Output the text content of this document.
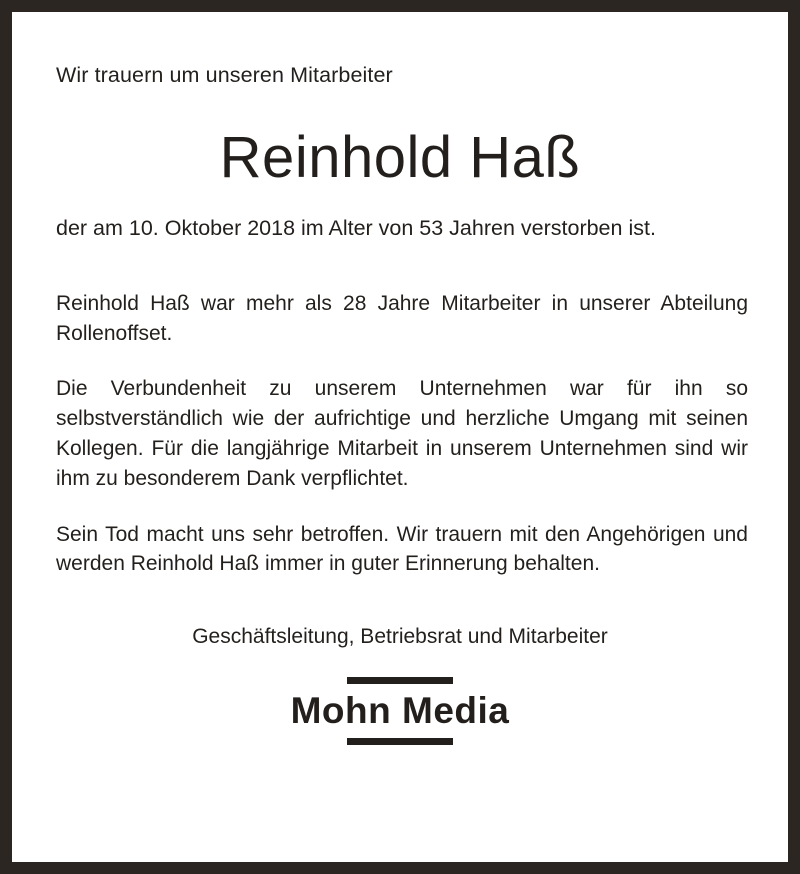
Wir trauern um unseren Mitarbeiter
Reinhold Haß
der am 10. Oktober 2018 im Alter von 53 Jahren verstorben ist.
Reinhold Haß war mehr als 28 Jahre Mitarbeiter in unserer Abteilung Rollenoffset.
Die Verbundenheit zu unserem Unternehmen war für ihn so selbstverständlich wie der aufrichtige und herzliche Umgang mit seinen Kollegen. Für die langjährige Mitarbeit in unserem Unternehmen sind wir ihm zu besonderem Dank verpflichtet.
Sein Tod macht uns sehr betroffen. Wir trauern mit den Angehörigen und werden Reinhold Haß immer in guter Erinnerung behalten.
Geschäftsleitung, Betriebsrat und Mitarbeiter
Mohn Media
